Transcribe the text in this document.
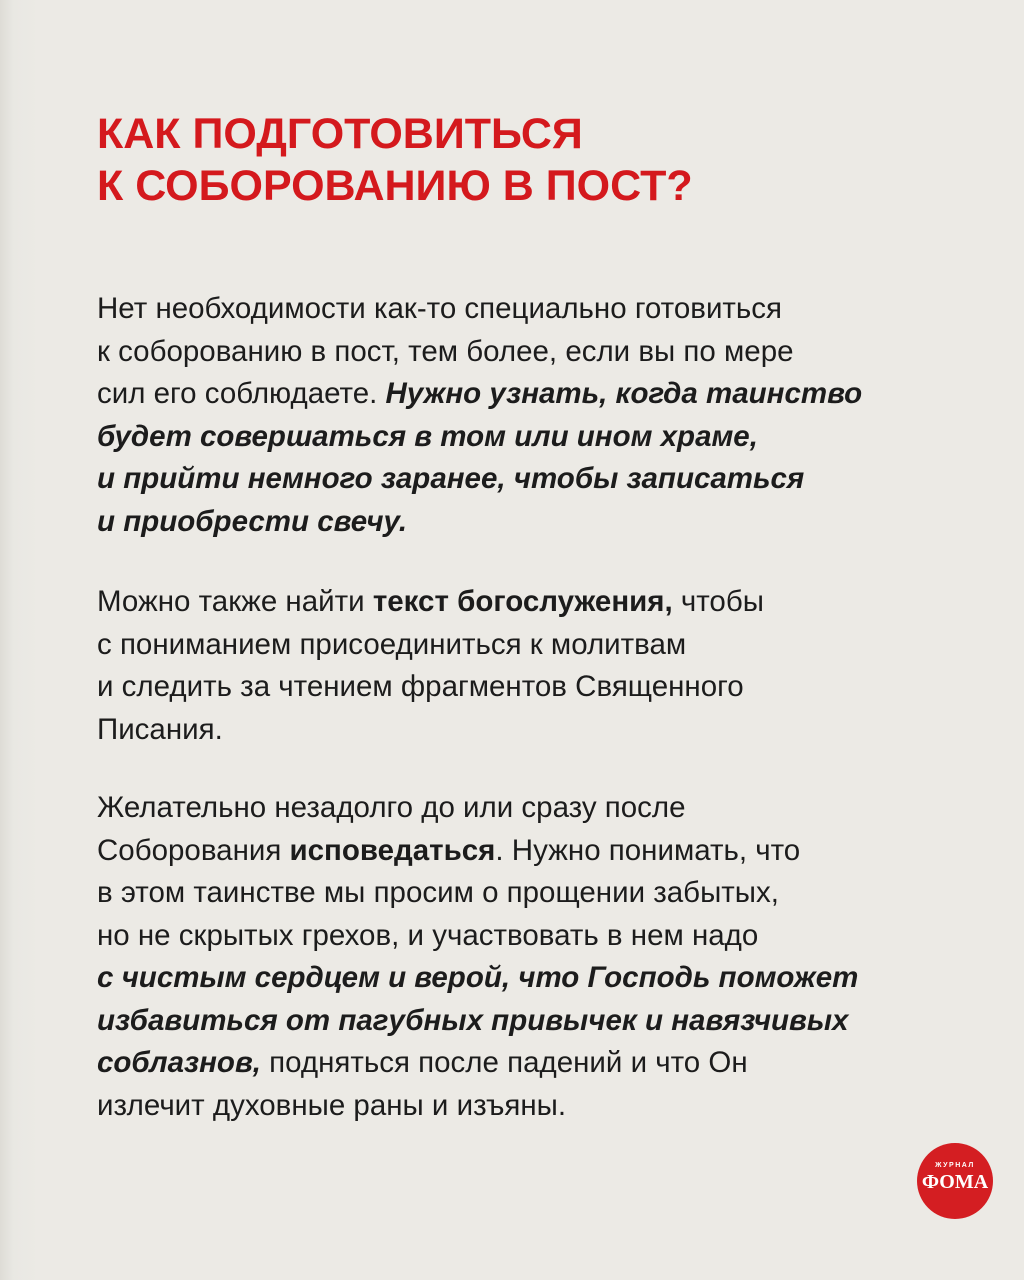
КАК ПОДГОТОВИТЬСЯ
К СОБОРОВАНИЮ В ПОСТ?

Нет необходимости как-то специально готовиться
к соборованию в пост, тем более, если вы по мере
сил его соблюдаете. Нужно узнать, когда таинство
будет совершаться в том или ином храме,
и прийти немного заранее, чтобы записаться
и приобрести свечу.

Можно также найти текст богослужения, чтобы
с пониманием присоединиться к молитвам
и следить за чтением фрагментов Священного
Писания.

Желательно незадолго до или сразу после
Соборования исповедаться. Нужно понимать, что
в этом таинстве мы просим о прощении забытых,
но не скрытых грехов, и участвовать в нем надо
с чистым сердцем и верой, что Господь поможет
избавиться от пагубных привычек и навязчивых
соблазнов, подняться после падений и что Он
излечит духовные раны и изъяны.

ЖУРНАЛ
ФОМА
